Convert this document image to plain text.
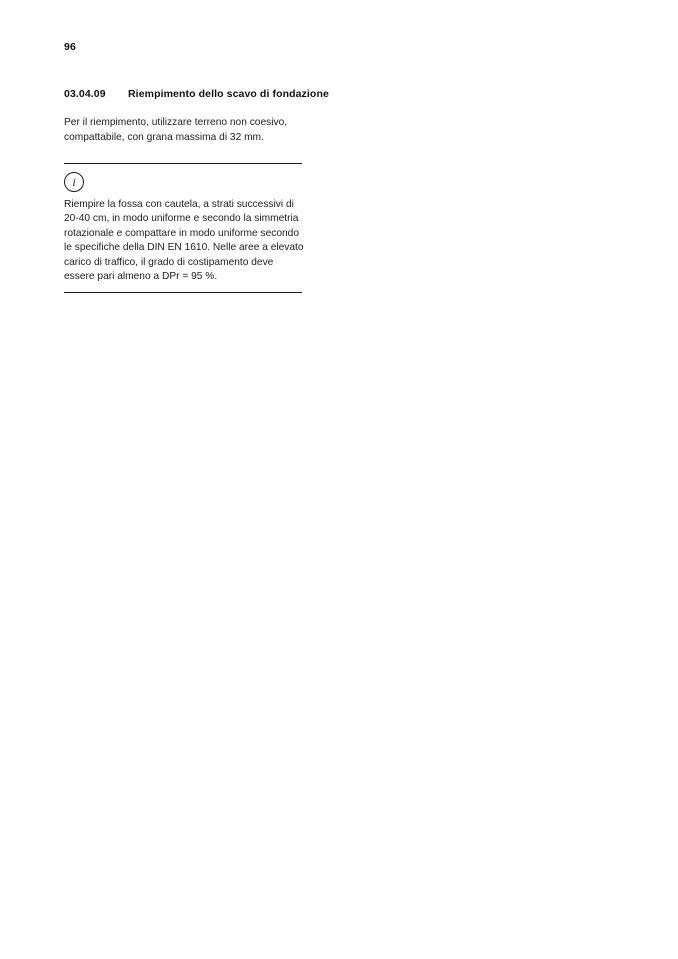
96
03.04.09 Riempimento dello scavo di fondazione
Per il riempimento, utilizzare terreno non coesivo, compattabile, con grana massima di 32 mm.
i
Riempire la fossa con cautela, a strati successivi di 20-40 cm, in modo uniforme e secondo la simmetria rotazionale e compattare in modo uniforme secondo le specifiche della DIN EN 1610. Nelle aree a elevato carico di traffico, il grado di costipamento deve essere pari almeno a DPr = 95 %.
